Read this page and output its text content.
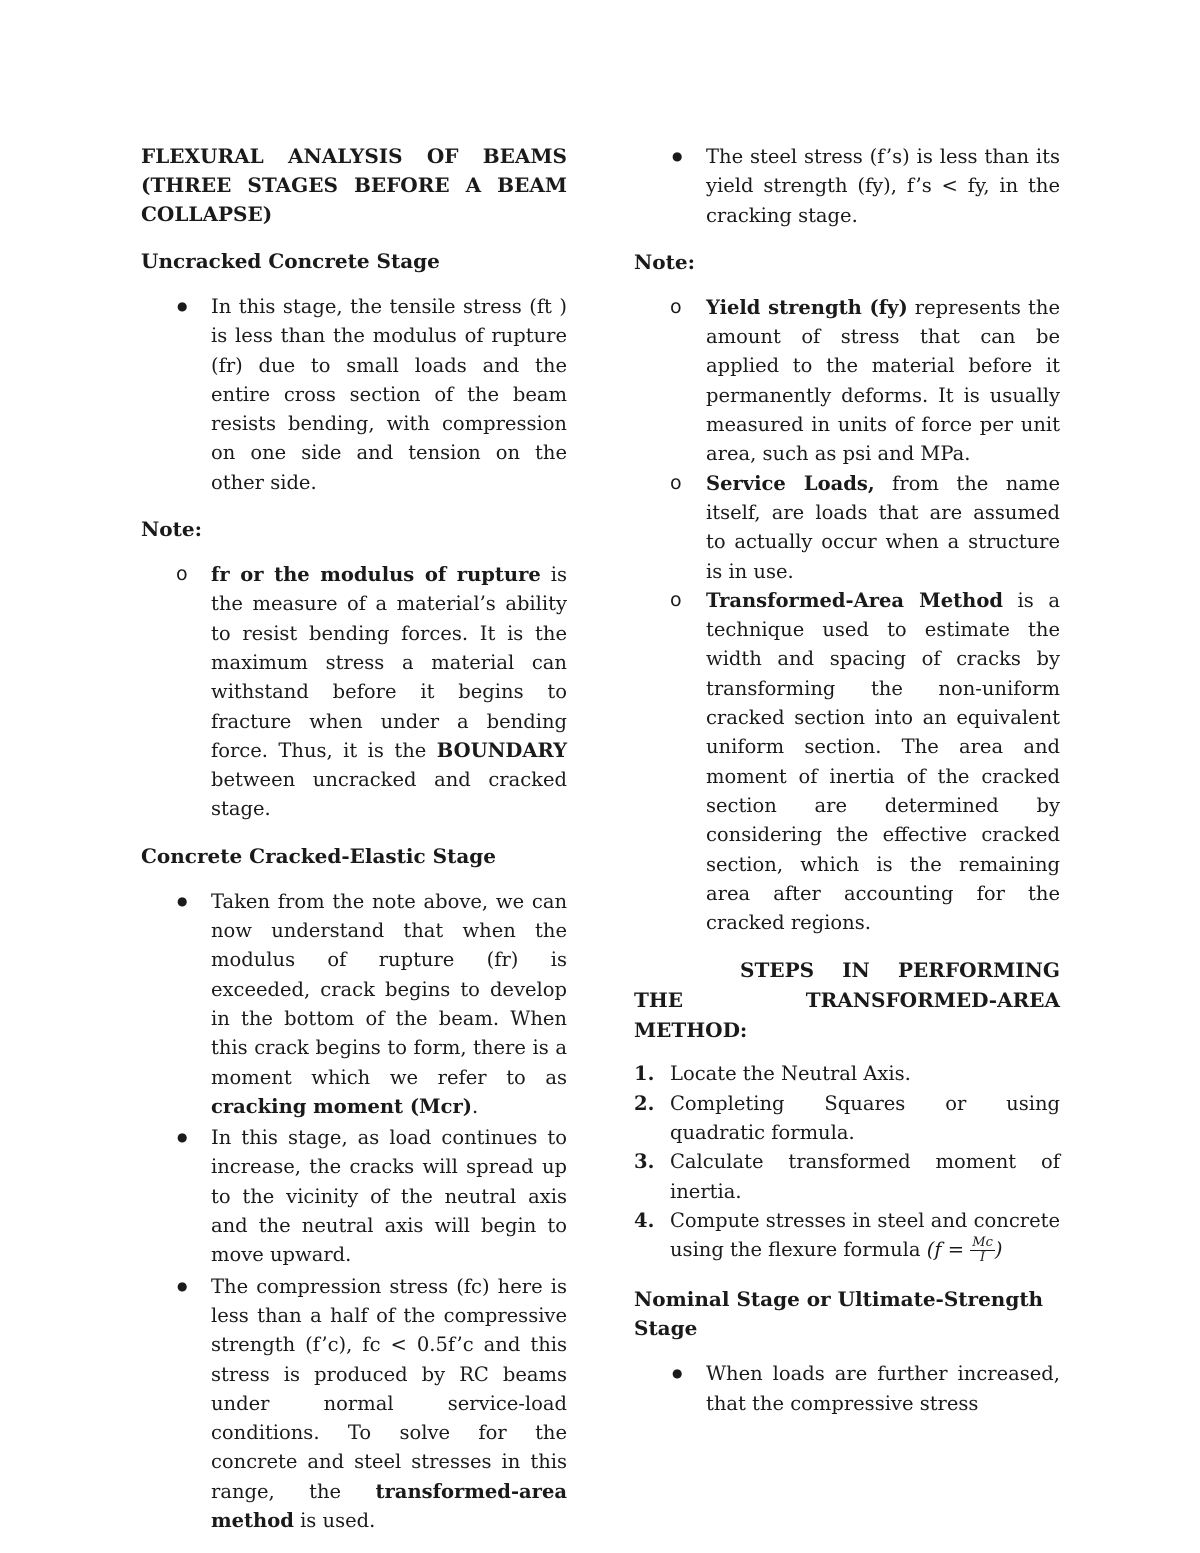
FLEXURAL ANALYSIS OF BEAMS
(THREE STAGES BEFORE A BEAM
COLLAPSE)

Uncracked Concrete Stage

● In this stage, the tensile stress (ft ) is less than the modulus of rupture (fr) due to small loads and the entire cross section of the beam resists bending, with compression on one side and tension on the other side.

Note:

o fr or the modulus of rupture is the measure of a material’s ability to resist bending forces. It is the maximum stress a material can withstand before it begins to fracture when under a bending force. Thus, it is the BOUNDARY between uncracked and cracked stage.

Concrete Cracked-Elastic Stage

● Taken from the note above, we can now understand that when the modulus of rupture (fr) is exceeded, crack begins to develop in the bottom of the beam. When this crack begins to form, there is a moment which we refer to as cracking moment (Mcr).
● In this stage, as load continues to increase, the cracks will spread up to the vicinity of the neutral axis and the neutral axis will begin to move upward.
● The compression stress (fc) here is less than a half of the compressive strength (f’c), fc < 0.5f’c and this stress is produced by RC beams under normal service-load conditions. To solve for the concrete and steel stresses in this range, the transformed-area method is used.
● The steel stress (f’s) is less than its yield strength (fy), f’s < fy, in the cracking stage.

Note:

o Yield strength (fy) represents the amount of stress that can be applied to the material before it permanently deforms. It is usually measured in units of force per unit area, such as psi and MPa.
o Service Loads, from the name itself, are loads that are assumed to actually occur when a structure is in use.
o Transformed-Area Method is a technique used to estimate the width and spacing of cracks by transforming the non-uniform cracked section into an equivalent uniform section. The area and moment of inertia of the cracked section are determined by considering the effective cracked section, which is the remaining area after accounting for the cracked regions.

STEPS IN PERFORMING
THE TRANSFORMED-AREA
METHOD:

1. Locate the Neutral Axis.
2. Completing Squares or using quadratic formula.
3. Calculate transformed moment of inertia.
4. Compute stresses in steel and concrete using the flexure formula ($f = \frac{Mc}{I}$ )

Nominal Stage or Ultimate-Strength Stage

● When loads are further increased, that the compressive stress
